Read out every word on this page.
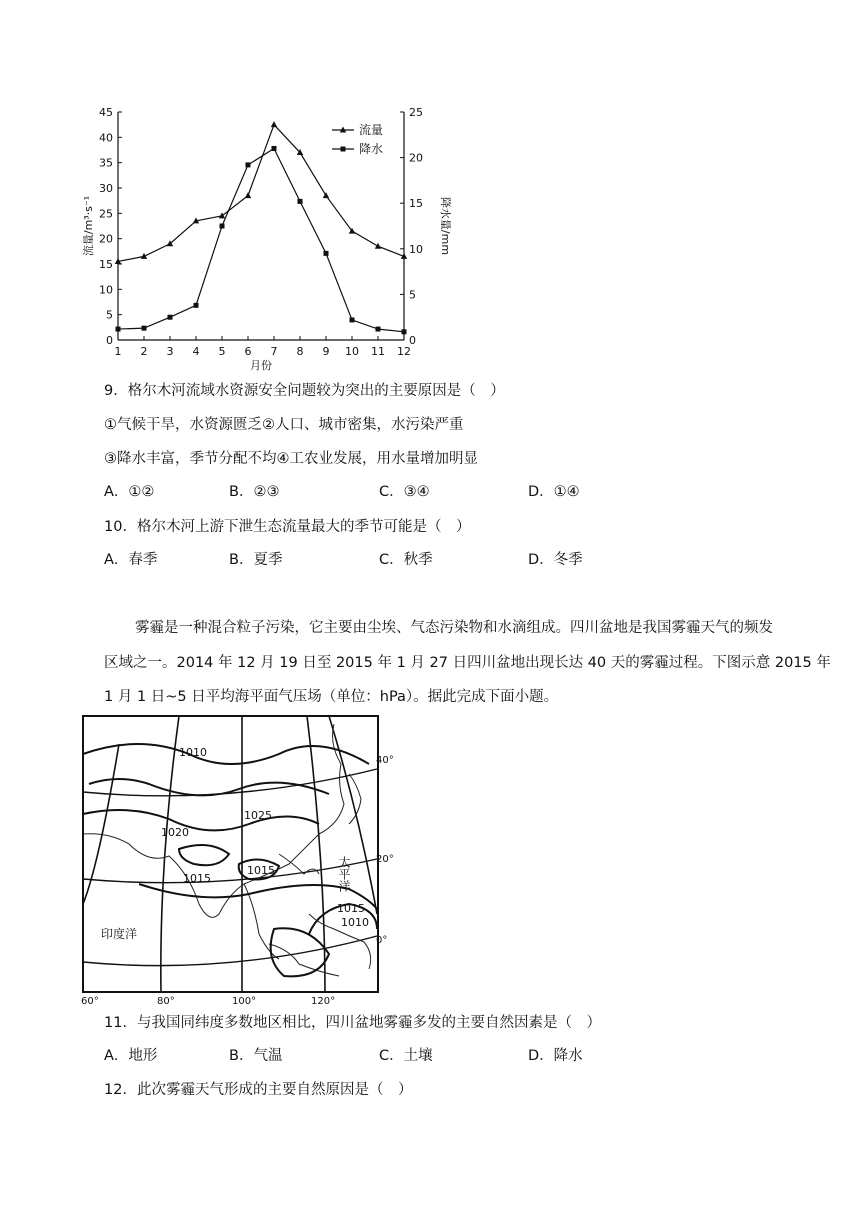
0
5
10
15
20
25
30
35
40
45
0
5
10
15
20
25
1 2 3 4 5 6 7 8 9 10 11 12
月份
流量/m³·s⁻¹	降水量/mm
流量
降水
9．格尔木河流域水资源安全问题较为突出的主要原因是（　）
①气候干旱，水资源匮乏②人口、城市密集，水污染严重
③降水丰富，季节分配不均④工农业发展，用水量增加明显
A．①②	B．②③	C．③④	D．①④
10．格尔木河上游下泄生态流量最大的季节可能是（　）
A．春季	B．夏季	C．秋季	D．冬季
雾霾是一种混合粒子污染，它主要由尘埃、气态污染物和水滴组成。四川盆地是我国雾霾天气的频发
区域之一。2014 年 12 月 19 日至 2015 年 1 月 27 日四川盆地出现长达 40 天的雾霾过程。下图示意 2015 年
1 月 1 日~5 日平均海平面气压场（单位：hPa）。据此完成下面小题。
1010
1020
1025
1015
1015
1015
1010
印度洋
太平洋
40°
20°
0°
60°	80°	100°	120°
11．与我国同纬度多数地区相比，四川盆地雾霾多发的主要自然因素是（　）
A．地形	B．气温	C．土壤	D．降水
12．此次雾霾天气形成的主要自然原因是（　）
